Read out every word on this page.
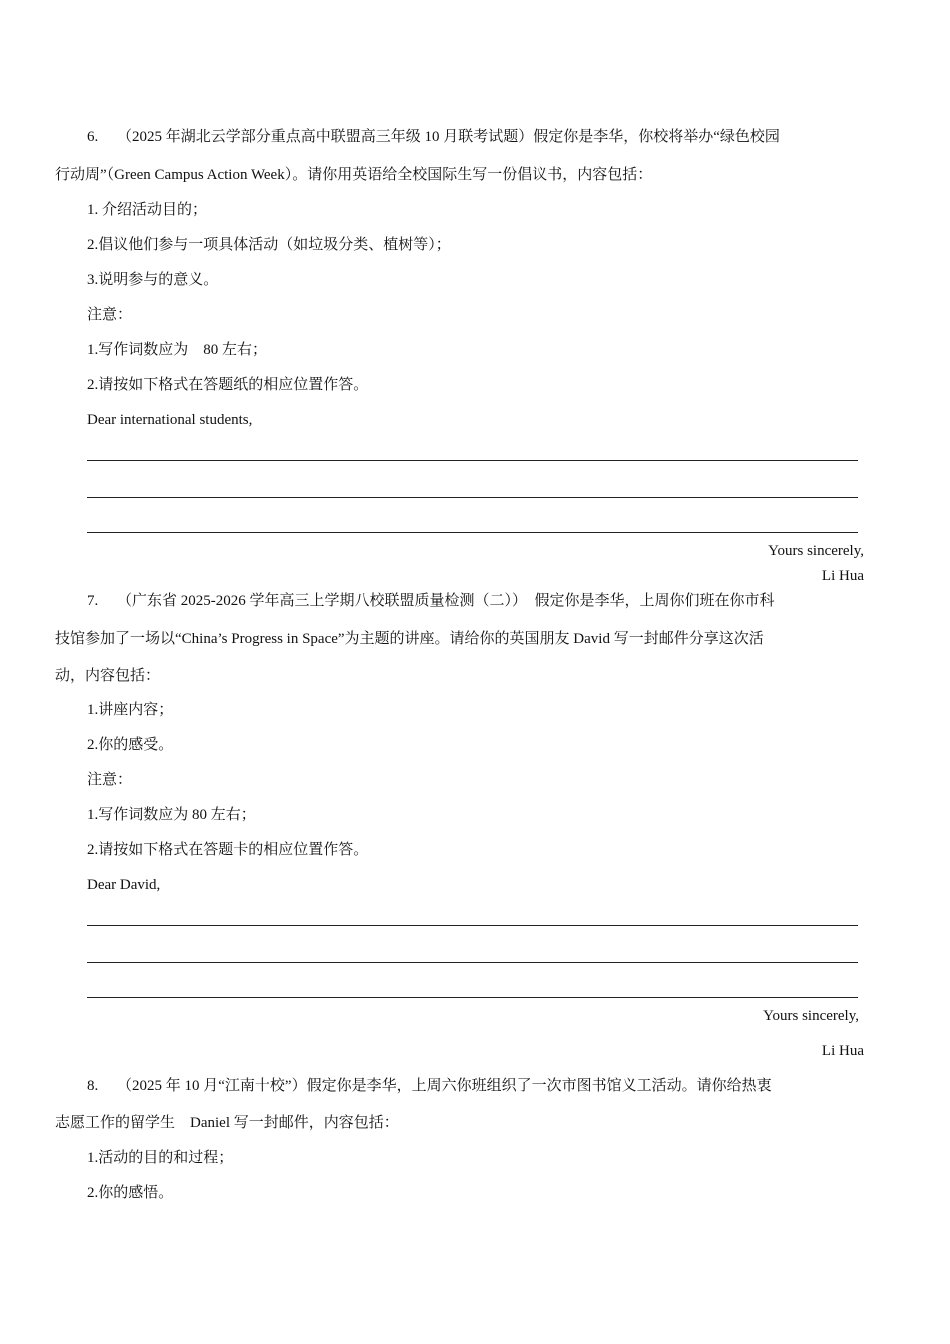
6. （2025 年湖北云学部分重点高中联盟高三年级 10 月联考试题）假定你是李华，你校将举办“绿色校园
行动周”（Green Campus Action Week）。请你用英语给全校国际生写一份倡议书，内容包括：
1. 介绍活动目的；
2.倡议他们参与一项具体活动（如垃圾分类、植树等）；
3.说明参与的意义。
注意：
1.写作词数应为　80 左右；
2.请按如下格式在答题纸的相应位置作答。
Dear international students,
Yours sincerely,
Li Hua
7. （广东省 2025-2026 学年高三上学期八校联盟质量检测（二））　假定你是李华，上周你们班在你市科
技馆参加了一场以“China’s Progress in Space”为主题的讲座。请给你的英国朋友 David 写一封邮件分享这次活
动，内容包括：
1.讲座内容；
2.你的感受。
注意：
1.写作词数应为 80 左右；
2.请按如下格式在答题卡的相应位置作答。
Dear David,
Yours sincerely,
Li Hua
8. （2025 年 10 月“江南十校”）假定你是李华，上周六你班组织了一次市图书馆义工活动。请你给热衷
志愿工作的留学生　Daniel 写一封邮件，内容包括：
1.活动的目的和过程；
2.你的感悟。
